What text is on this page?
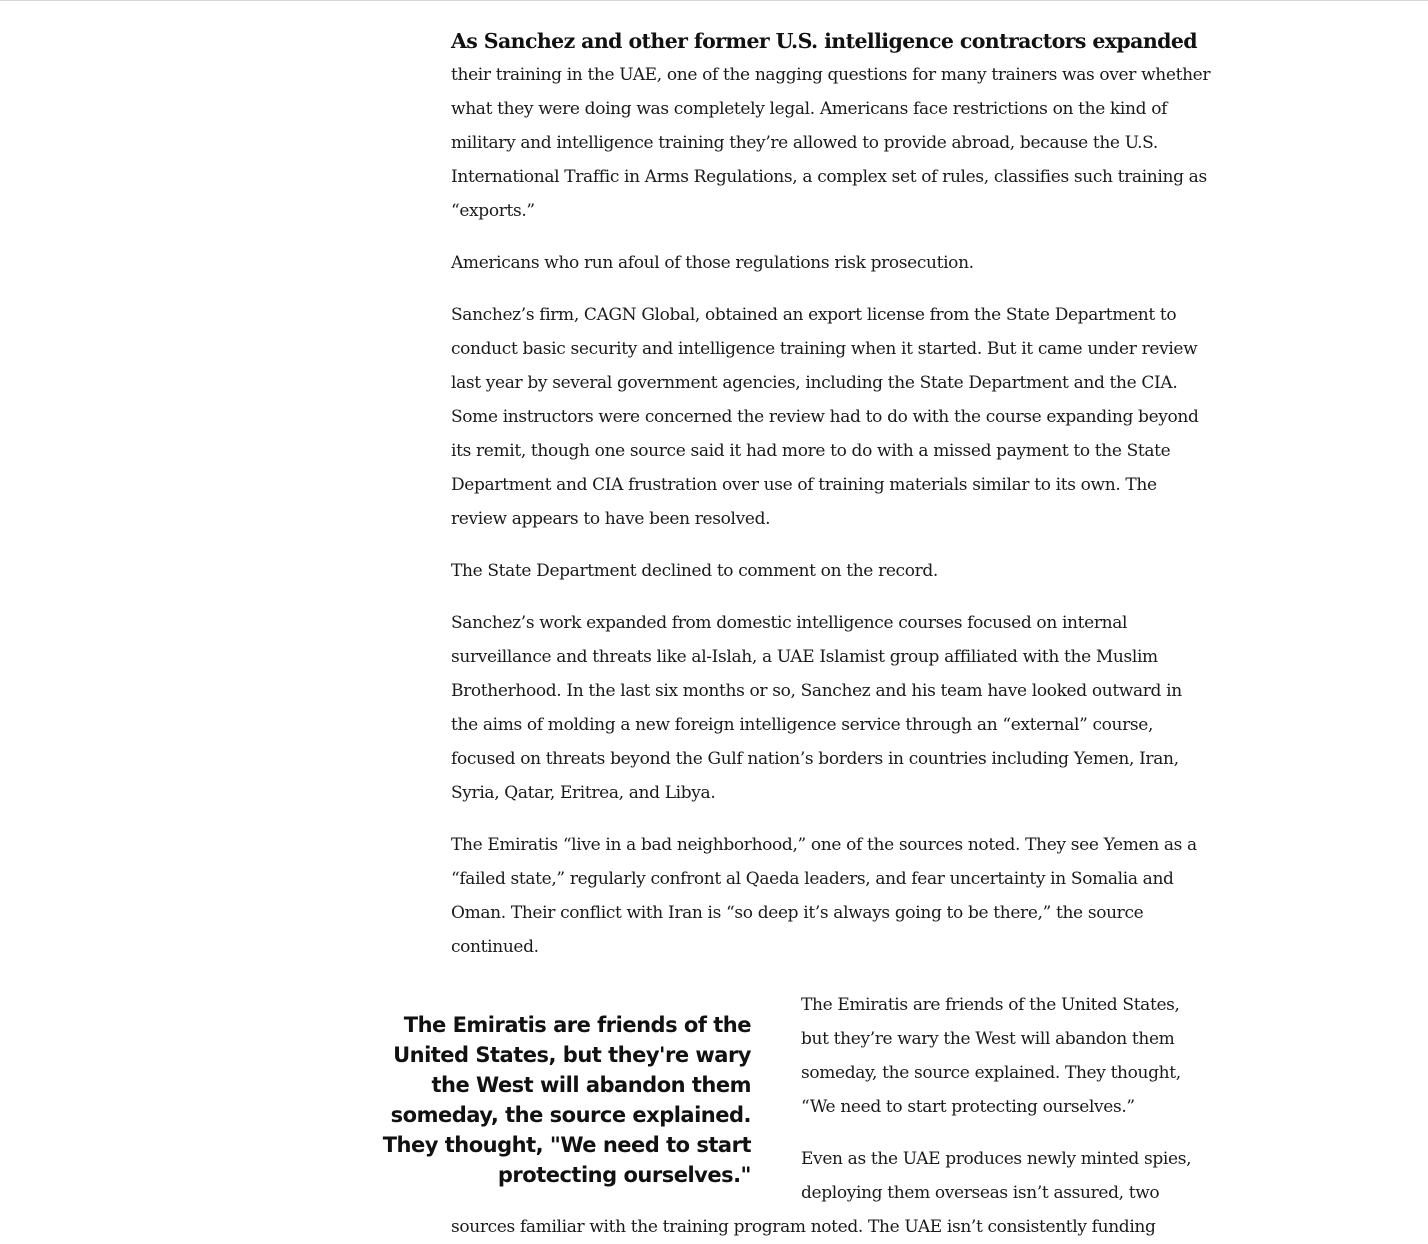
As Sanchez and other former U.S. intelligence contractors expanded

their training in the UAE, one of the nagging questions for many trainers was over whether what they were doing was completely legal. Americans face restrictions on the kind of military and intelligence training they’re allowed to provide abroad, because the U.S. International Traffic in Arms Regulations, a complex set of rules, classifies such training as “exports.”

Americans who run afoul of those regulations risk prosecution.

Sanchez’s firm, CAGN Global, obtained an export license from the State Department to conduct basic security and intelligence training when it started. But it came under review last year by several government agencies, including the State Department and the CIA. Some instructors were concerned the review had to do with the course expanding beyond its remit, though one source said it had more to do with a missed payment to the State Department and CIA frustration over use of training materials similar to its own. The review appears to have been resolved.

The State Department declined to comment on the record.

Sanchez’s work expanded from domestic intelligence courses focused on internal surveillance and threats like al-Islah, a UAE Islamist group affiliated with the Muslim Brotherhood. In the last six months or so, Sanchez and his team have looked outward in the aims of molding a new foreign intelligence service through an “external” course, focused on threats beyond the Gulf nation’s borders in countries including Yemen, Iran, Syria, Qatar, Eritrea, and Libya.

The Emiratis “live in a bad neighborhood,” one of the sources noted. They see Yemen as a “failed state,” regularly confront al Qaeda leaders, and fear uncertainty in Somalia and Oman. Their conflict with Iran is “so deep it’s always going to be there,” the source continued.

The Emiratis are friends of the United States, but they're wary the West will abandon them someday, the source explained. They thought, "We need to start protecting ourselves."

The Emiratis are friends of the United States, but they’re wary the West will abandon them someday, the source explained. They thought, “We need to start protecting ourselves.”

Even as the UAE produces newly minted spies, deploying them overseas isn’t assured, two

sources familiar with the training program noted. The UAE isn’t consistently funding
